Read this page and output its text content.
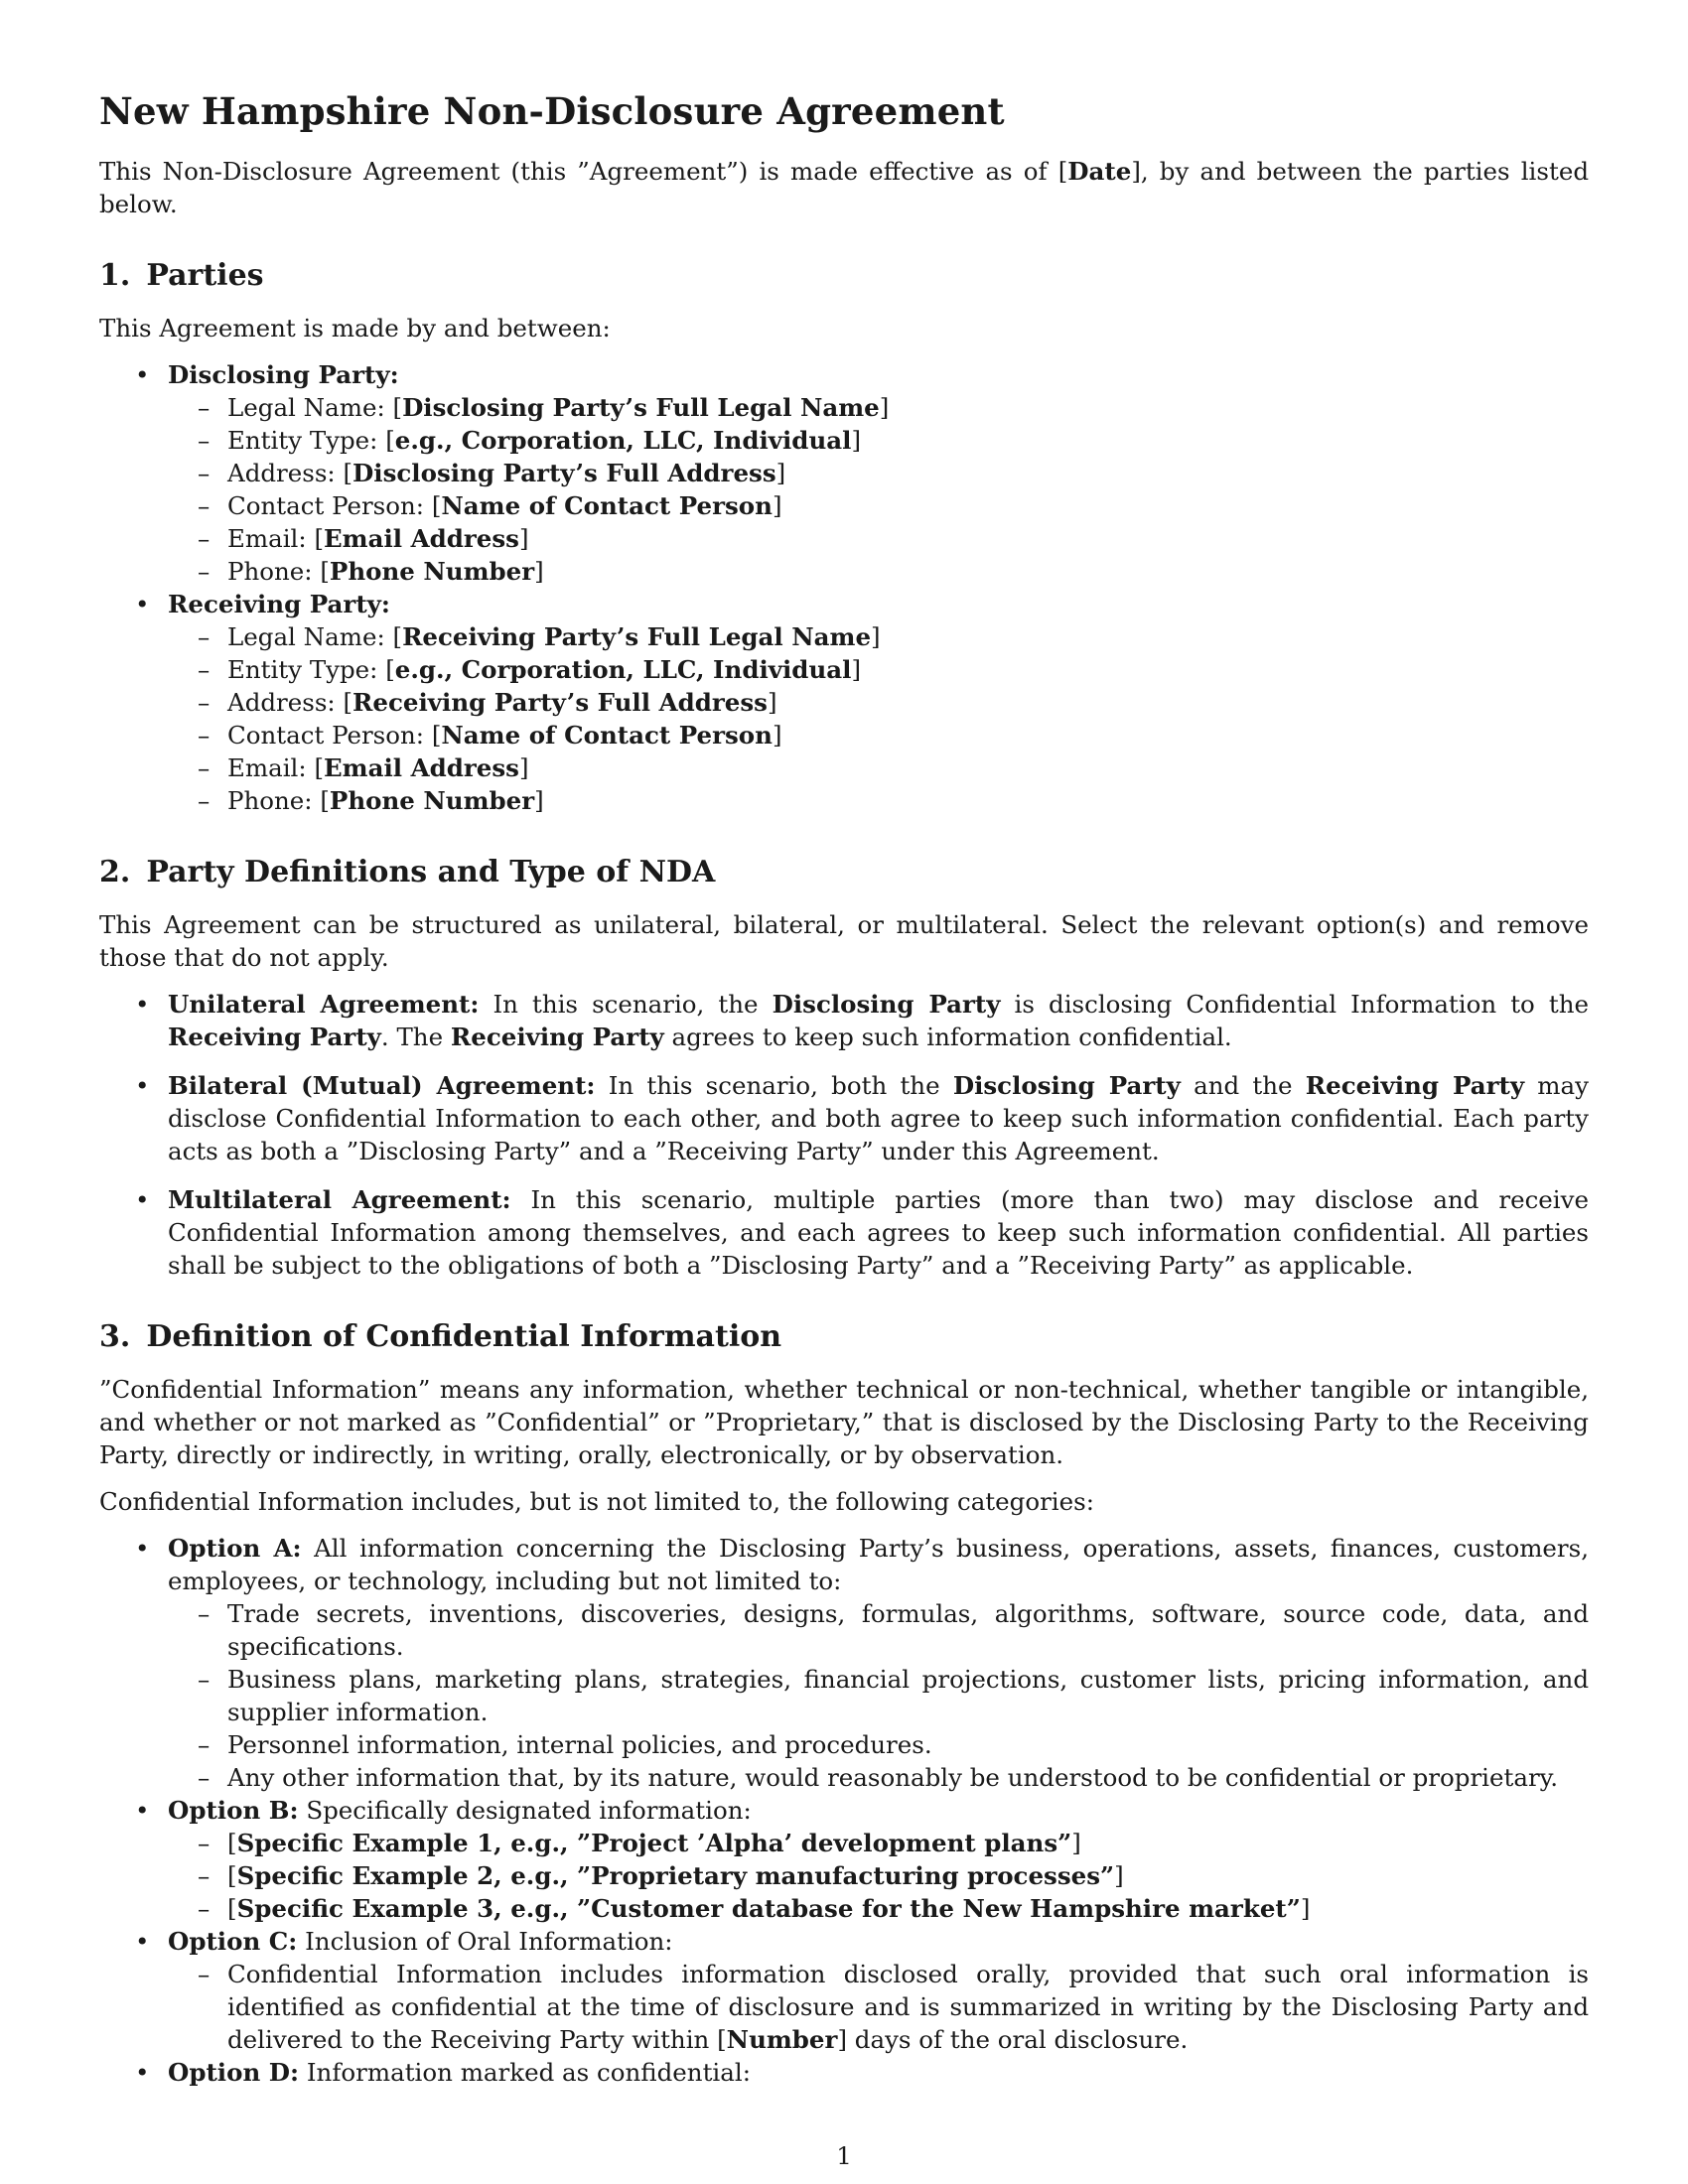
New Hampshire Non-Disclosure Agreement

This Non-Disclosure Agreement (this ”Agreement”) is made effective as of [Date], by and between the parties listed below.

1. Parties

This Agreement is made by and between:

• Disclosing Party:
– Legal Name: [Disclosing Party’s Full Legal Name]
– Entity Type: [e.g., Corporation, LLC, Individual]
– Address: [Disclosing Party’s Full Address]
– Contact Person: [Name of Contact Person]
– Email: [Email Address]
– Phone: [Phone Number]
• Receiving Party:
– Legal Name: [Receiving Party’s Full Legal Name]
– Entity Type: [e.g., Corporation, LLC, Individual]
– Address: [Receiving Party’s Full Address]
– Contact Person: [Name of Contact Person]
– Email: [Email Address]
– Phone: [Phone Number]
2. Party Definitions and Type of NDA

This Agreement can be structured as unilateral, bilateral, or multilateral. Select the relevant option(s) and remove those that do not apply.

• Unilateral Agreement: In this scenario, the Disclosing Party is disclosing Confidential Information to the Receiving Party. The Receiving Party agrees to keep such information confidential.
• Bilateral (Mutual) Agreement: In this scenario, both the Disclosing Party and the Receiving Party may disclose Confidential Information to each other, and both agree to keep such information confidential. Each party acts as both a ”Disclosing Party” and a ”Receiving Party” under this Agreement.
• Multilateral Agreement: In this scenario, multiple parties (more than two) may disclose and receive Confidential Information among themselves, and each agrees to keep such information confidential. All parties shall be subject to the obligations of both a ”Disclosing Party” and a ”Receiving Party” as applicable.
3. Definition of Confidential Information

”Confidential Information” means any information, whether technical or non-technical, whether tangible or intangible, and whether or not marked as ”Confidential” or ”Proprietary,” that is disclosed by the Disclosing Party to the Receiving Party, directly or indirectly, in writing, orally, electronically, or by observation.

Confidential Information includes, but is not limited to, the following categories:

• Option A: All information concerning the Disclosing Party’s business, operations, assets, finances, customers, employees, or technology, including but not limited to:
– Trade secrets, inventions, discoveries, designs, formulas, algorithms, software, source code, data, and specifications.
– Business plans, marketing plans, strategies, financial projections, customer lists, pricing information, and supplier information.
– Personnel information, internal policies, and procedures.
– Any other information that, by its nature, would reasonably be understood to be confidential or proprietary.
• Option B: Specifically designated information:
– [Specific Example 1, e.g., ”Project ’Alpha’ development plans”]
– [Specific Example 2, e.g., ”Proprietary manufacturing processes”]
– [Specific Example 3, e.g., ”Customer database for the New Hampshire market”]
• Option C: Inclusion of Oral Information:
– Confidential Information includes information disclosed orally, provided that such oral information is identified as confidential at the time of disclosure and is summarized in writing by the Disclosing Party and delivered to the Receiving Party within [Number] days of the oral disclosure.
• Option D: Information marked as confidential:
1
